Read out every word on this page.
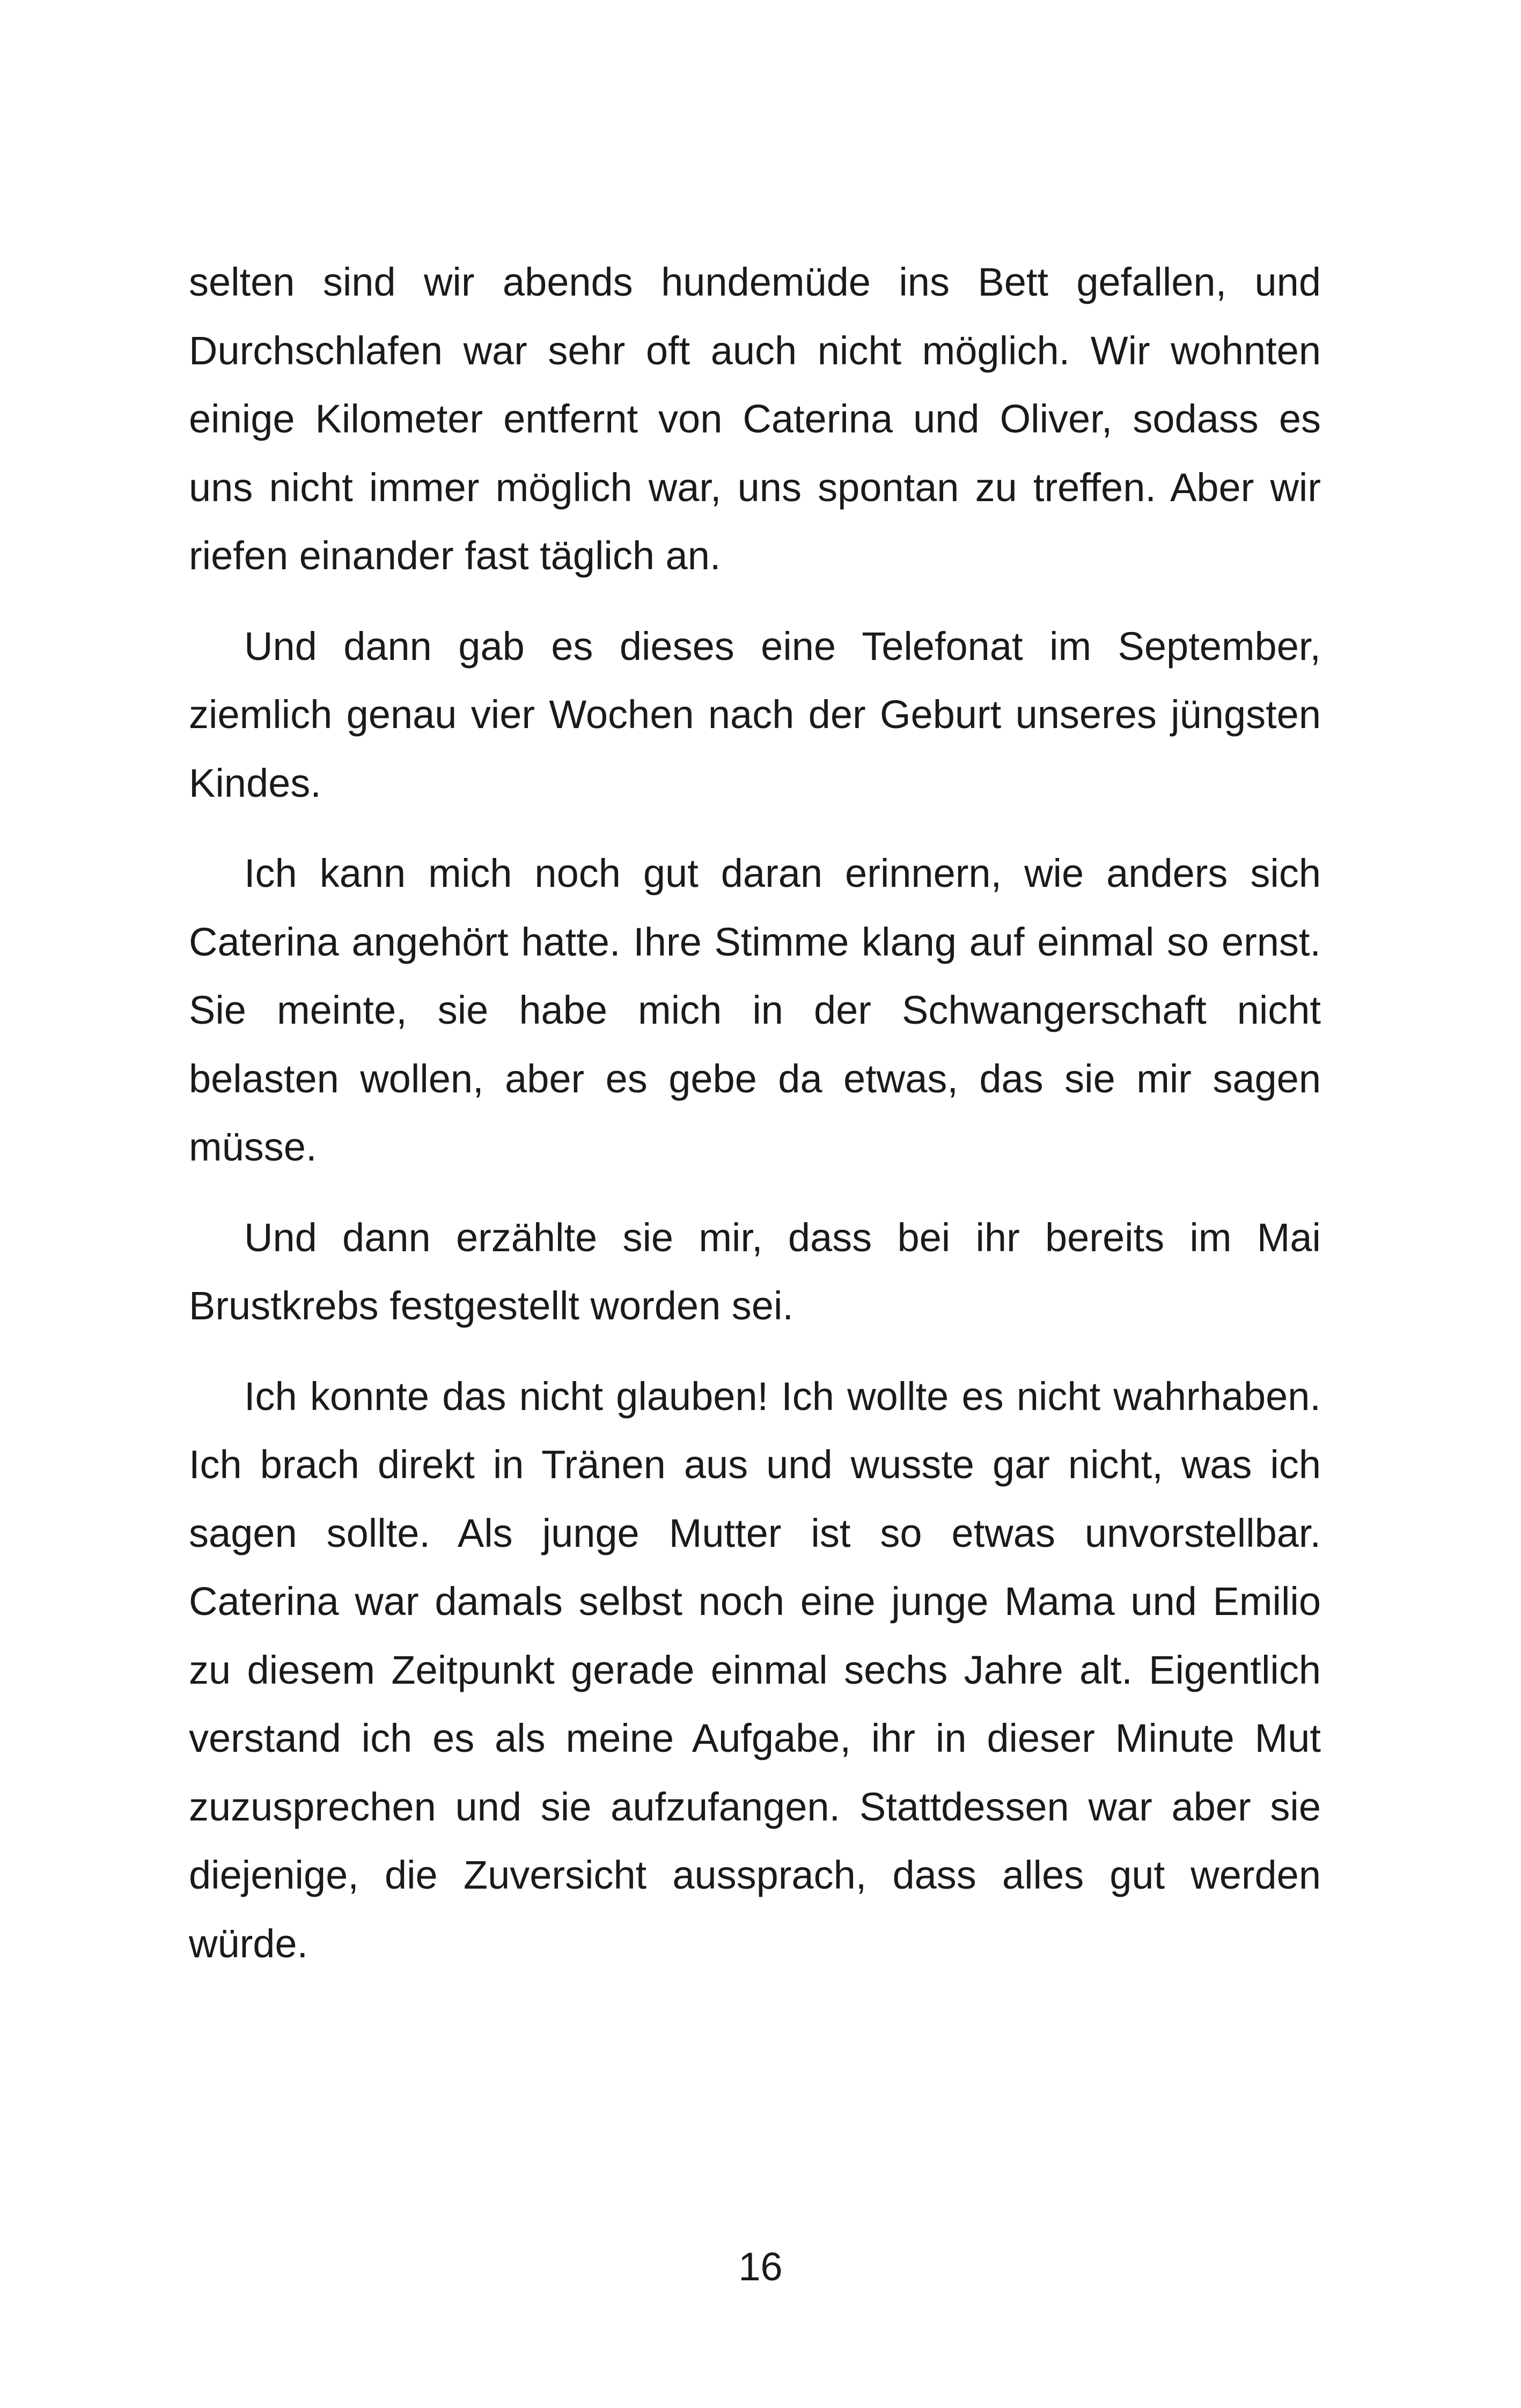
selten sind wir abends hundemüde ins Bett gefallen, und Durchschlafen war sehr oft auch nicht möglich. Wir wohnten einige Kilometer entfernt von Caterina und Oliver, sodass es uns nicht immer möglich war, uns spontan zu treffen. Aber wir riefen einander fast täglich an.

Und dann gab es dieses eine Telefonat im September, ziemlich genau vier Wochen nach der Geburt unseres jüngsten Kindes.

Ich kann mich noch gut daran erinnern, wie anders sich Caterina angehört hatte. Ihre Stimme klang auf einmal so ernst. Sie meinte, sie habe mich in der Schwangerschaft nicht belasten wollen, aber es gebe da etwas, das sie mir sagen müsse.

Und dann erzählte sie mir, dass bei ihr bereits im Mai Brustkrebs festgestellt worden sei.

Ich konnte das nicht glauben! Ich wollte es nicht wahrhaben. Ich brach direkt in Tränen aus und wusste gar nicht, was ich sagen sollte. Als junge Mutter ist so etwas unvorstellbar. Caterina war damals selbst noch eine junge Mama und Emilio zu diesem Zeitpunkt gerade einmal sechs Jahre alt. Eigentlich verstand ich es als meine Aufgabe, ihr in dieser Minute Mut zuzusprechen und sie aufzufangen. Stattdessen war aber sie diejenige, die Zuversicht aussprach, dass alles gut werden würde.

16
